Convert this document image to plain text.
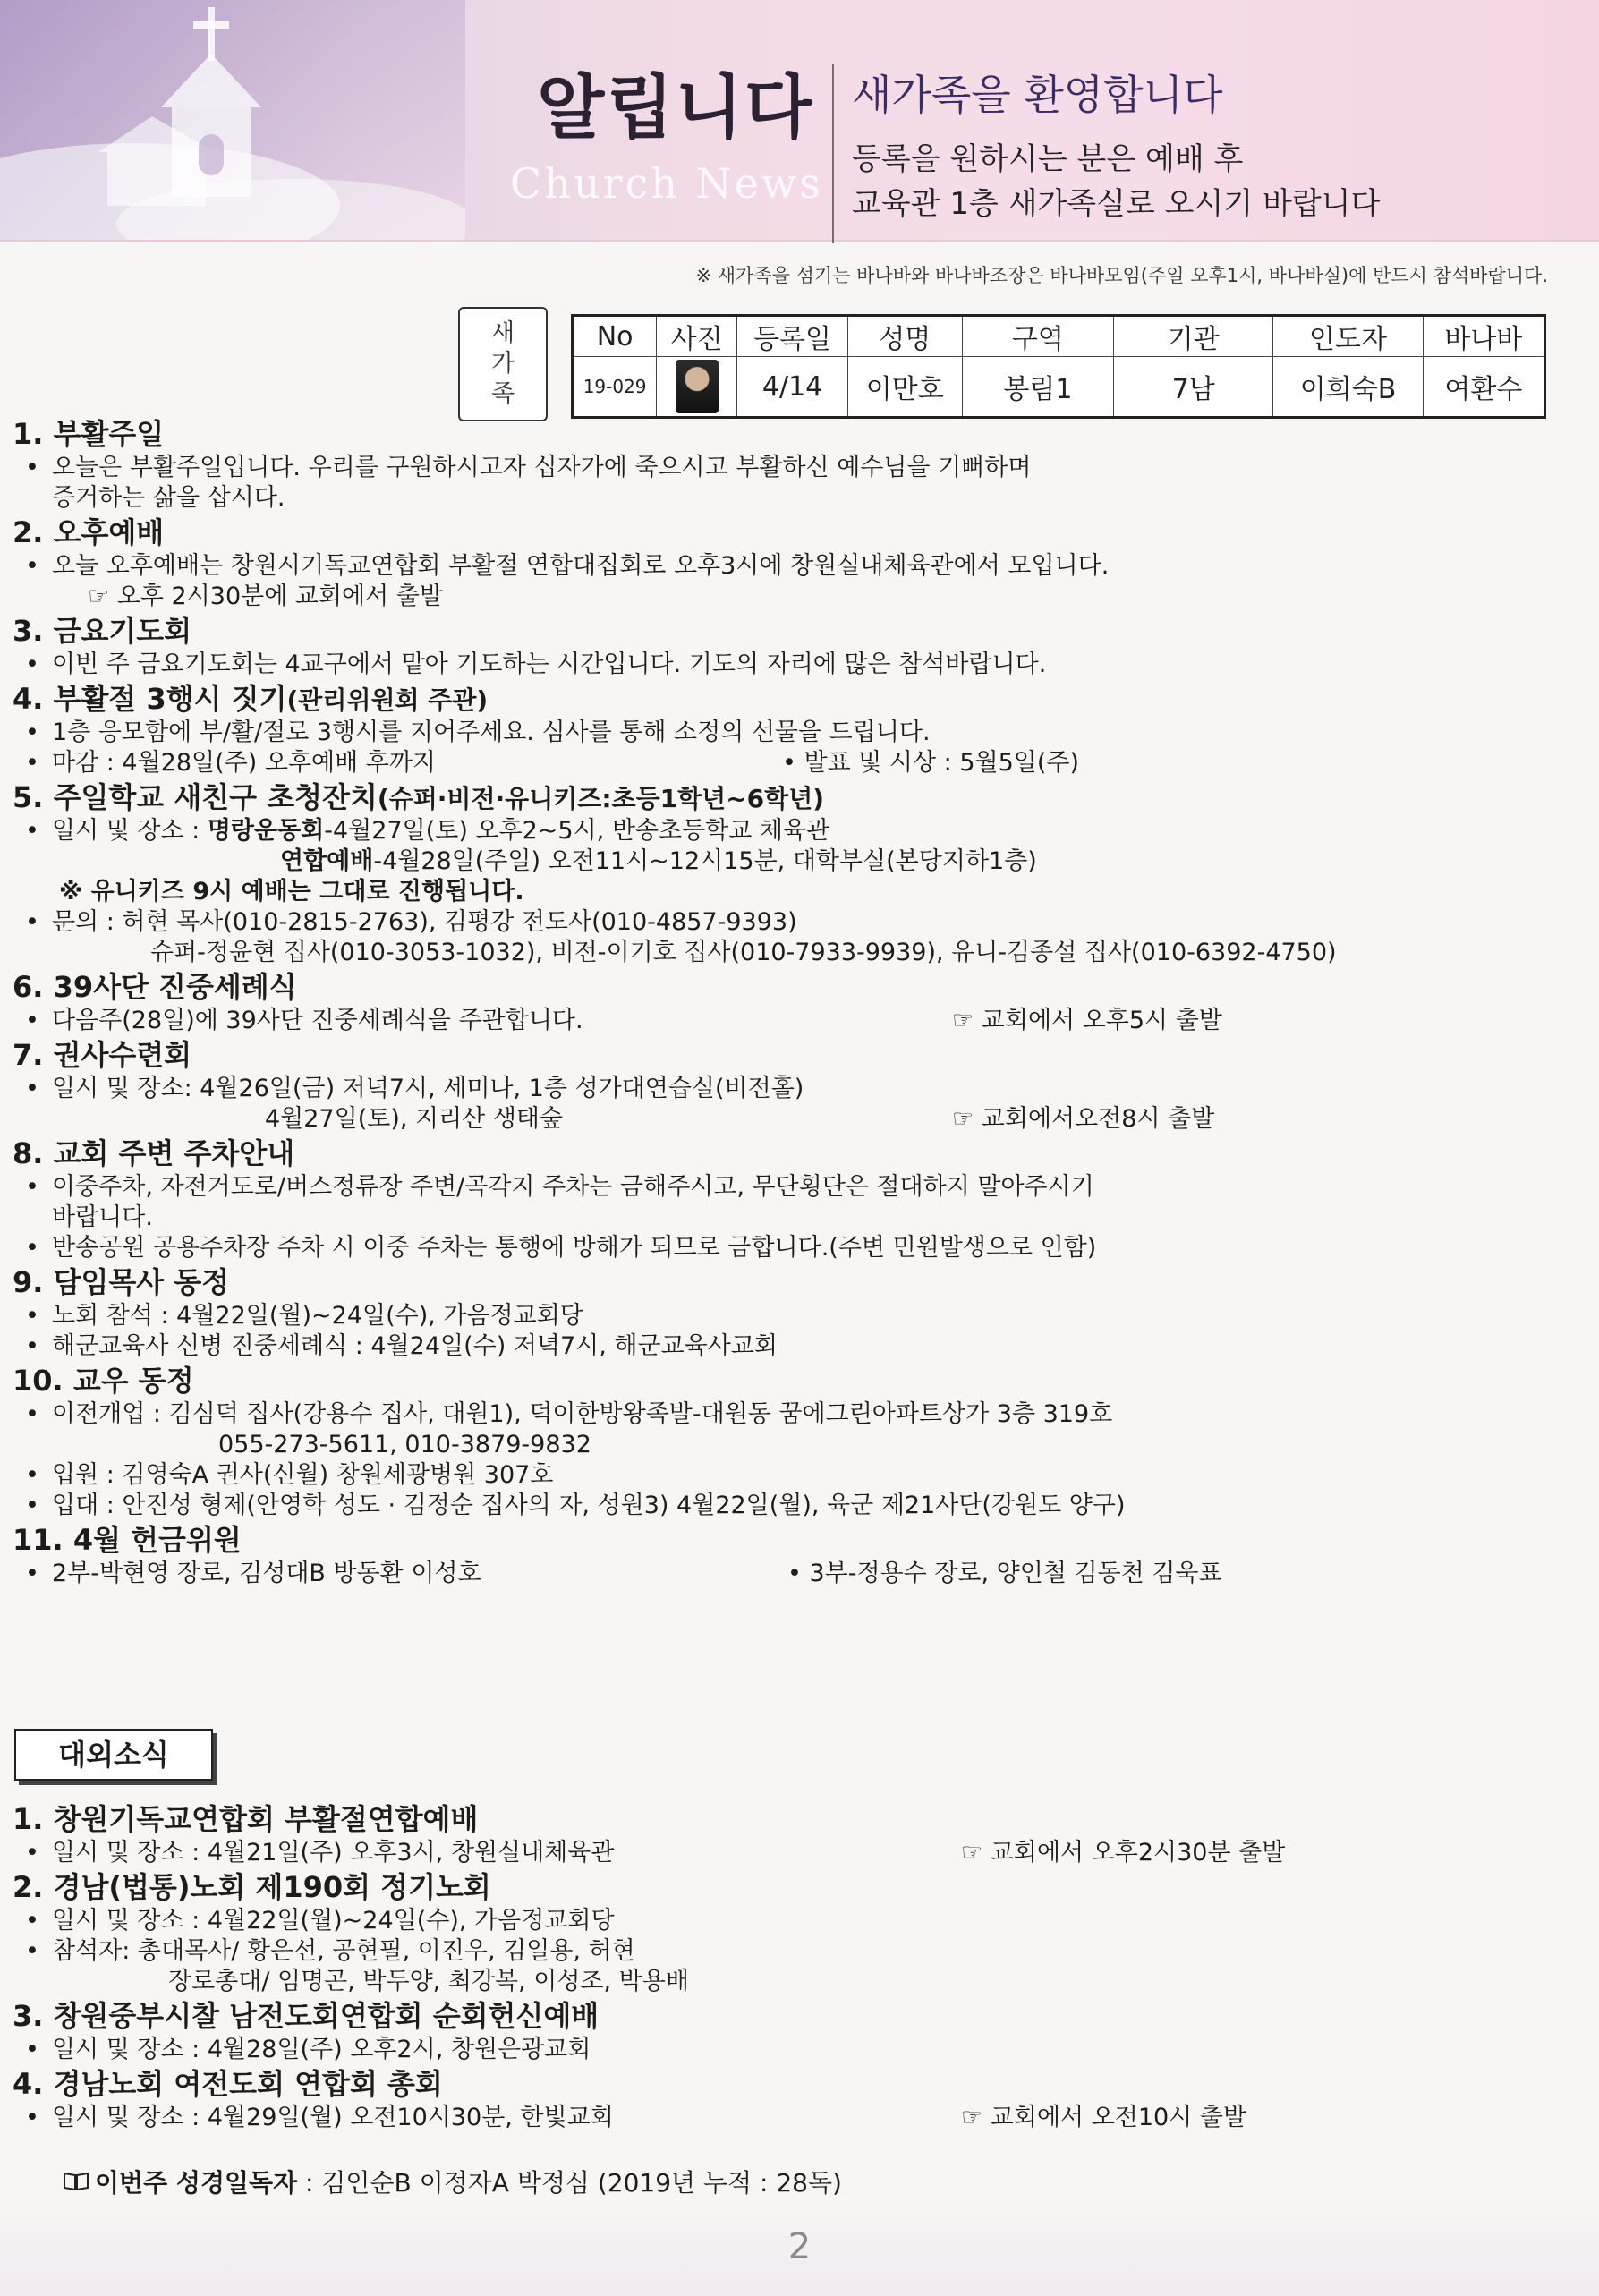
알립니다
Church News
새가족을 환영합니다
등록을 원하시는 분은 예배 후
교육관 1층 새가족실로 오시기 바랍니다
※ 새가족을 섬기는 바나바와 바나바조장은 바나바모임(주일 오후1시, 바나바실)에 반드시 참석바랍니다.
새
가
족
No	사진	등록일	성명	구역	기관	인도자	바나바
19-029		4/14	이만호	봉림1	7남	이희숙B	여환수
1. 부활주일
• 오늘은 부활주일입니다. 우리를 구원하시고자 십자가에 죽으시고 부활하신 예수님을 기뻐하며
증거하는 삶을 삽시다.
2. 오후예배
• 오늘 오후예배는 창원시기독교연합회 부활절 연합대집회로 오후3시에 창원실내체육관에서 모입니다.
☞ 오후 2시30분에 교회에서 출발
3. 금요기도회
• 이번 주 금요기도회는 4교구에서 맡아 기도하는 시간입니다. 기도의 자리에 많은 참석바랍니다.
4. 부활절 3행시 짓기(관리위원회 주관)
• 1층 응모함에 부/활/절로 3행시를 지어주세요. 심사를 통해 소정의 선물을 드립니다.
• 마감 : 4월28일(주) 오후예배 후까지	• 발표 및 시상 : 5월5일(주)
5. 주일학교 새친구 초청잔치(슈퍼·비전·유니키즈:초등1학년~6학년)
• 일시 및 장소 : 명랑운동회-4월27일(토) 오후2~5시, 반송초등학교 체육관
연합예배-4월28일(주일) 오전11시~12시15분, 대학부실(본당지하1층)
※ 유니키즈 9시 예배는 그대로 진행됩니다.
• 문의 : 허현 목사(010-2815-2763), 김평강 전도사(010-4857-9393)
슈퍼-정윤현 집사(010-3053-1032), 비전-이기호 집사(010-7933-9939), 유니-김종설 집사(010-6392-4750)
6. 39사단 진중세례식
• 다음주(28일)에 39사단 진중세례식을 주관합니다.	☞ 교회에서 오후5시 출발
7. 권사수련회
• 일시 및 장소: 4월26일(금) 저녁7시, 세미나, 1층 성가대연습실(비전홀)
4월27일(토), 지리산 생태숲	☞ 교회에서오전8시 출발
8. 교회 주변 주차안내
• 이중주차, 자전거도로/버스정류장 주변/곡각지 주차는 금해주시고, 무단횡단은 절대하지 말아주시기
바랍니다.
• 반송공원 공용주차장 주차 시 이중 주차는 통행에 방해가 되므로 금합니다.(주변 민원발생으로 인함)
9. 담임목사 동정
• 노회 참석 : 4월22일(월)~24일(수), 가음정교회당
• 해군교육사 신병 진중세례식 : 4월24일(수) 저녁7시, 해군교육사교회
10. 교우 동정
• 이전개업 : 김심덕 집사(강용수 집사, 대원1), 덕이한방왕족발-대원동 꿈에그린아파트상가 3층 319호
055-273-5611, 010-3879-9832
• 입원 : 김영숙A 권사(신월) 창원세광병원 307호
• 입대 : 안진성 형제(안영학 성도 · 김정순 집사의 자, 성원3) 4월22일(월), 육군 제21사단(강원도 양구)
11. 4월 헌금위원
• 2부-박현영 장로, 김성대B 방동환 이성호	• 3부-정용수 장로, 양인철 김동천 김욱표
대외소식
1. 창원기독교연합회 부활절연합예배
• 일시 및 장소 : 4월21일(주) 오후3시, 창원실내체육관	☞ 교회에서 오후2시30분 출발
2. 경남(법통)노회 제190회 정기노회
• 일시 및 장소 : 4월22일(월)~24일(수), 가음정교회당
• 참석자: 총대목사/ 황은선, 공현필, 이진우, 김일용, 허현
장로총대/ 임명곤, 박두양, 최강복, 이성조, 박용배
3. 창원중부시찰 남전도회연합회 순회헌신예배
• 일시 및 장소 : 4월28일(주) 오후2시, 창원은광교회
4. 경남노회 여전도회 연합회 총회
• 일시 및 장소 : 4월29일(월) 오전10시30분, 한빛교회	☞ 교회에서 오전10시 출발
이번주 성경일독자 : 김인순B 이정자A 박정심 (2019년 누적 : 28독)
2
